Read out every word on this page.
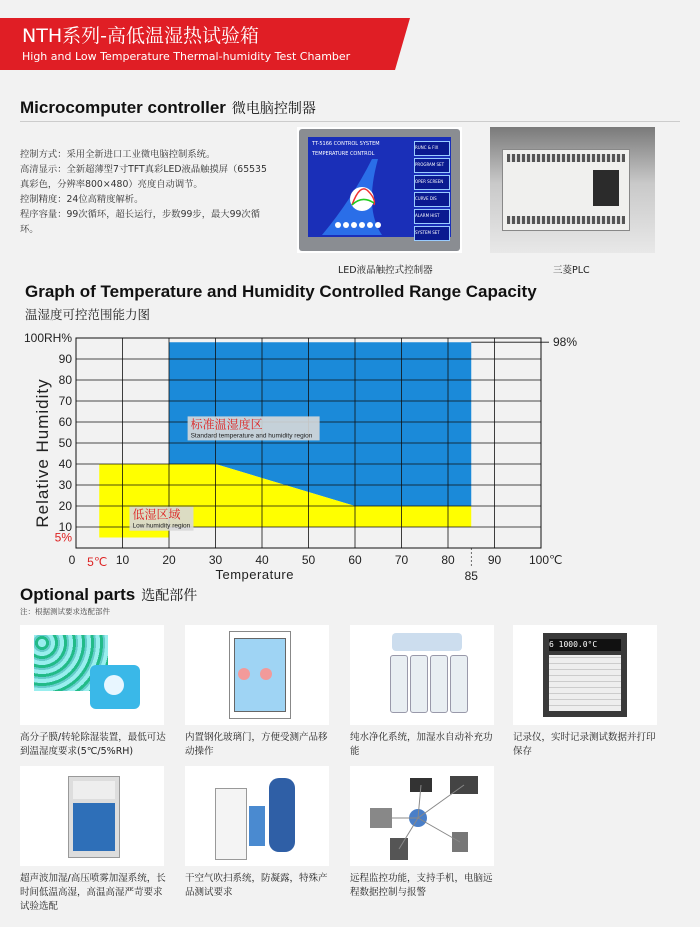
NTH系列-高低温湿热试验箱
High and Low Temperature Thermal-humidity Test Chamber
Microcomputer controller 微电脑控制器
控制方式：采用全新进口工业微电脑控制系统。
高清显示：全新超薄型7寸TFT真彩LED液晶触摸屏（65535真彩色，分辨率800×480）亮度自动调节。
控制精度：24位高精度解析。
程序容量：99次循环，超长运行，步数99步，最大99次循环。
TT-5166 CONTROL SYSTEM
TEMPERATURE CONTROL
RUNC & FIX
PROGRAM SET
OPER SCREEN
CURVE DIS
ALARM HIST
SYSTEM SET
LED液晶触控式控制器	三菱PLC
Graph of Temperature and Humidity Controlled Range Capacity
温湿度可控范围能力图
0	10	20	30	40	50	60	70	80	90 100℃
10
20
30
40
50
60
70
80
90
100RH%
5℃
85
5%
98%
标准温湿度区
Standard temperature and humidity region
低湿区域
Low humidity region
Temperature
Relative Humidity
Optional parts 选配部件
注：根据测试要求选配部件
高分子膜/转轮除湿装置，最低可达到温湿度要求(5℃/5%RH)
内置钢化玻璃门，方便受测产品移动操作
纯水净化系统，加湿水自动补充功能
6 1000.0°C
记录仪，实时记录测试数据并打印保存
超声波加湿/高压喷雾加湿系统，长时间低温高湿，高温高湿严苛要求试验选配
干空气吹扫系统，防凝露，特殊产品测试要求
远程监控功能，支持手机，电脑远程数据控制与报警
